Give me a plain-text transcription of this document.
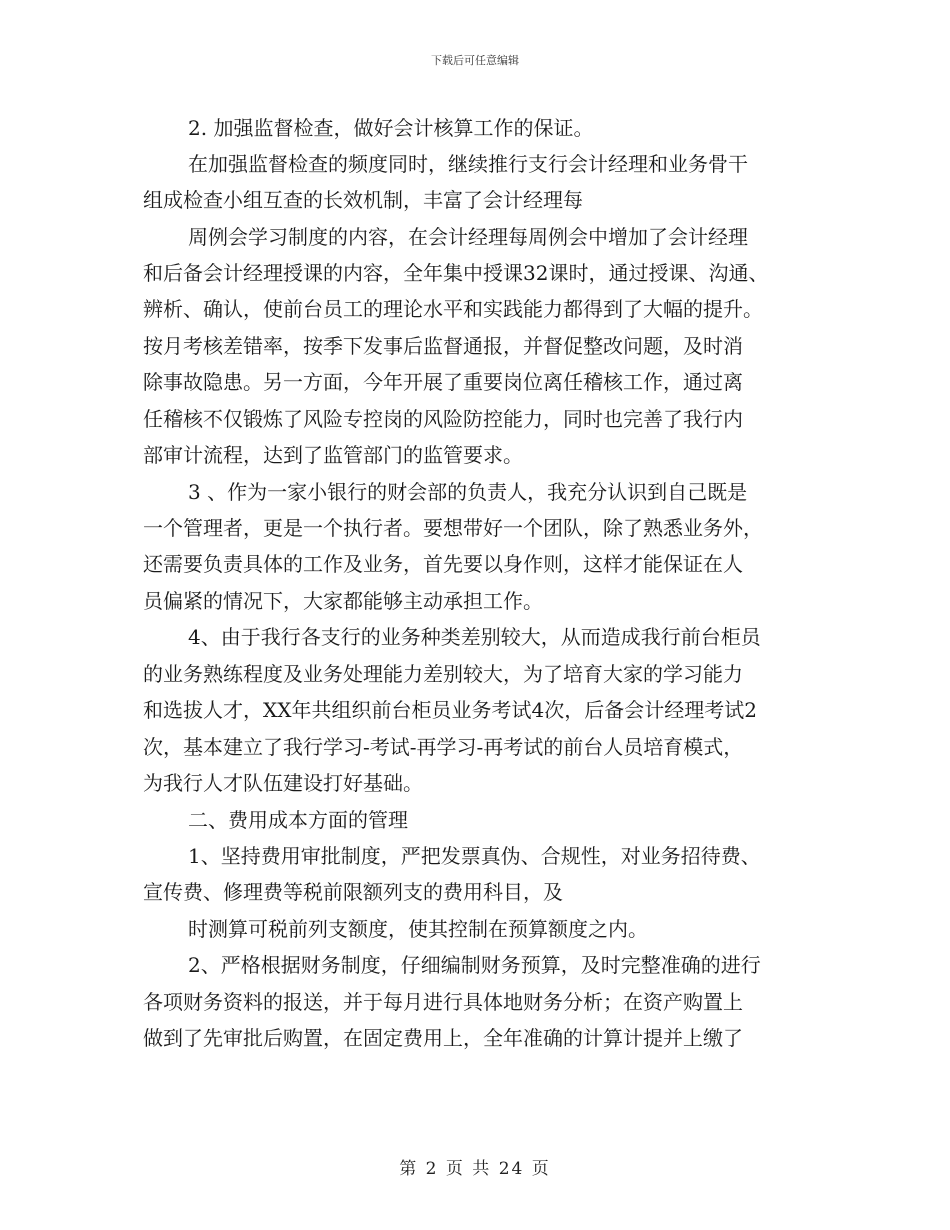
下载后可任意编辑
2. 加强监督检查，做好会计核算工作的保证。
在加强监督检查的频度同时，继续推行支行会计经理和业务骨干
组成检查小组互查的长效机制，丰富了会计经理每
周例会学习制度的内容，在会计经理每周例会中增加了会计经理
和后备会计经理授课的内容，全年集中授课32课时，通过授课、沟通、
辨析、确认，使前台员工的理论水平和实践能力都得到了大幅的提升。
按月考核差错率，按季下发事后监督通报，并督促整改问题，及时消
除事故隐患。另一方面，今年开展了重要岗位离任稽核工作，通过离
任稽核不仅锻炼了风险专控岗的风险防控能力，同时也完善了我行内
部审计流程，达到了监管部门的监管要求。
3 、作为一家小银行的财会部的负责人，我充分认识到自己既是
一个管理者，更是一个执行者。要想带好一个团队，除了熟悉业务外，
还需要负责具体的工作及业务，首先要以身作则，这样才能保证在人
员偏紧的情况下，大家都能够主动承担工作。
4、由于我行各支行的业务种类差别较大，从而造成我行前台柜员
的业务熟练程度及业务处理能力差别较大，为了培育大家的学习能力
和选拔人才，XX年共组织前台柜员业务考试4次，后备会计经理考试2
次，基本建立了我行学习-考试-再学习-再考试的前台人员培育模式，
为我行人才队伍建设打好基础。
二、费用成本方面的管理
1、坚持费用审批制度，严把发票真伪、合规性，对业务招待费、
宣传费、修理费等税前限额列支的费用科目，及
时测算可税前列支额度，使其控制在预算额度之内。
2、严格根据财务制度，仔细编制财务预算，及时完整准确的进行
各项财务资料的报送，并于每月进行具体地财务分析；在资产购置上
做到了先审批后购置，在固定费用上，全年准确的计算计提并上缴了
第 2 页 共 24 页
